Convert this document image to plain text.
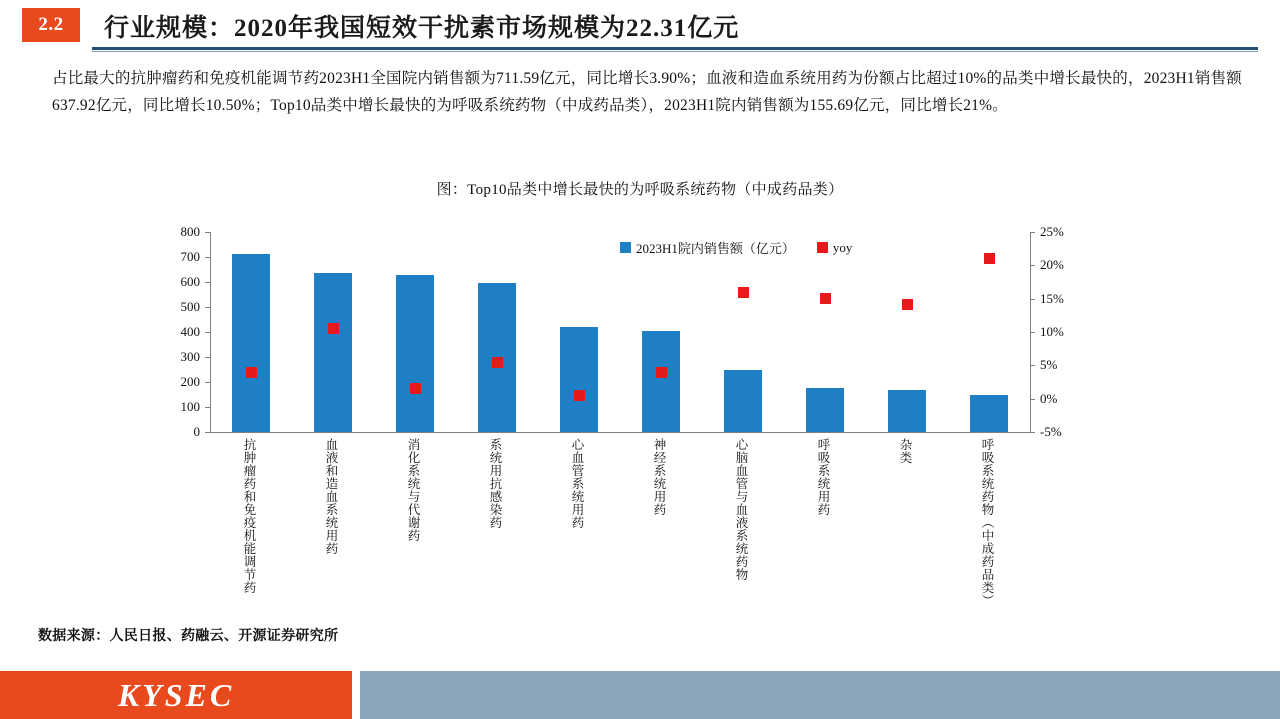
2.2	行业规模：2020年我国短效干扰素市场规模为22.31亿元
占比最大的抗肿瘤药和免疫机能调节药2023H1全国院内销售额为711.59亿元，同比增长3.90%；血液和造血系统用药为份额占比超过10%的品类中增长最快的，2023H1销售额637.92亿元，同比增长10.50%；Top10品类中增长最快的为呼吸系统药物（中成药品类），2023H1院内销售额为155.69亿元，同比增长21%。
图：Top10品类中增长最快的为呼吸系统药物（中成药品类）
2023H1院内销售额（亿元）	yoy
0
100
200
300
400
500
600
700
800
-5%
0%
5%
10%
15%
20%
25%
抗肿瘤药和免疫机能调节药	血液和造血系统用药	消化系统与代谢药	系统用抗感染药	心血管系统用药	神经系统用药	心脑血管与血液系统药物	呼吸系统用药	杂类	呼吸系统药物（中成药品类）
数据来源：人民日报、药融云、开源证券研究所
KYSEC
